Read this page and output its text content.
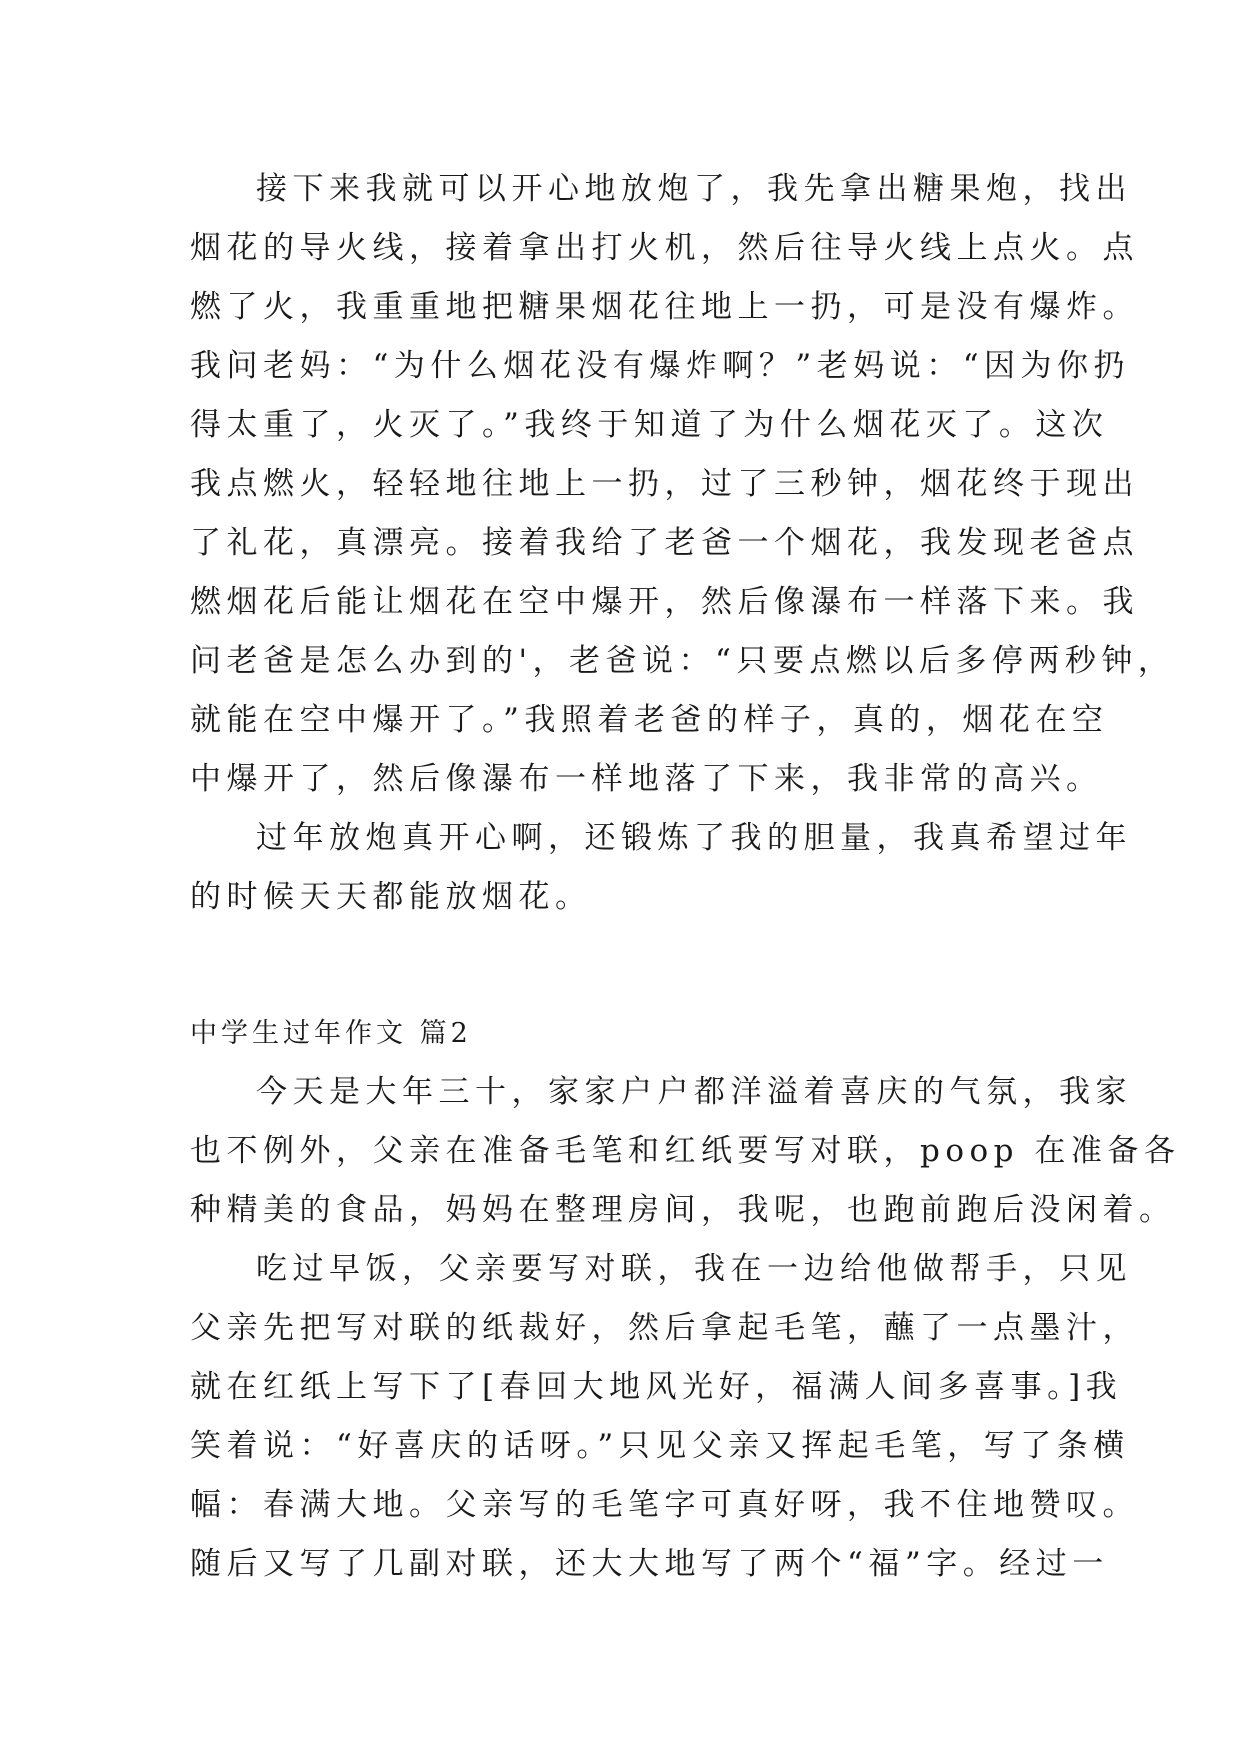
接下来我就可以开心地放炮了，我先拿出糖果炮，找出
烟花的导火线，接着拿出打火机，然后往导火线上点火。点
燃了火，我重重地把糖果烟花往地上一扔，可是没有爆炸。
我问老妈：“为什么烟花没有爆炸啊？”老妈说：“因为你扔
得太重了，火灭了。”我终于知道了为什么烟花灭了。这次
我点燃火，轻轻地往地上一扔，过了三秒钟，烟花终于现出
了礼花，真漂亮。接着我给了老爸一个烟花，我发现老爸点
燃烟花后能让烟花在空中爆开，然后像瀑布一样落下来。我
问老爸是怎么办到的'，老爸说：“只要点燃以后多停两秒钟，
就能在空中爆开了。”我照着老爸的样子，真的，烟花在空
中爆开了，然后像瀑布一样地落了下来，我非常的高兴。
过年放炮真开心啊，还锻炼了我的胆量，我真希望过年
的时候天天都能放烟花。
中学生过年作文 篇2
今天是大年三十，家家户户都洋溢着喜庆的气氛，我家
也不例外，父亲在准备毛笔和红纸要写对联，poop 在准备各
种精美的食品，妈妈在整理房间，我呢，也跑前跑后没闲着。
吃过早饭，父亲要写对联，我在一边给他做帮手，只见
父亲先把写对联的纸裁好，然后拿起毛笔，蘸了一点墨汁，
就在红纸上写下了[春回大地风光好，福满人间多喜事。]我
笑着说：“好喜庆的话呀。”只见父亲又挥起毛笔，写了条横
幅：春满大地。父亲写的毛笔字可真好呀，我不住地赞叹。
随后又写了几副对联，还大大地写了两个“福”字。经过一
